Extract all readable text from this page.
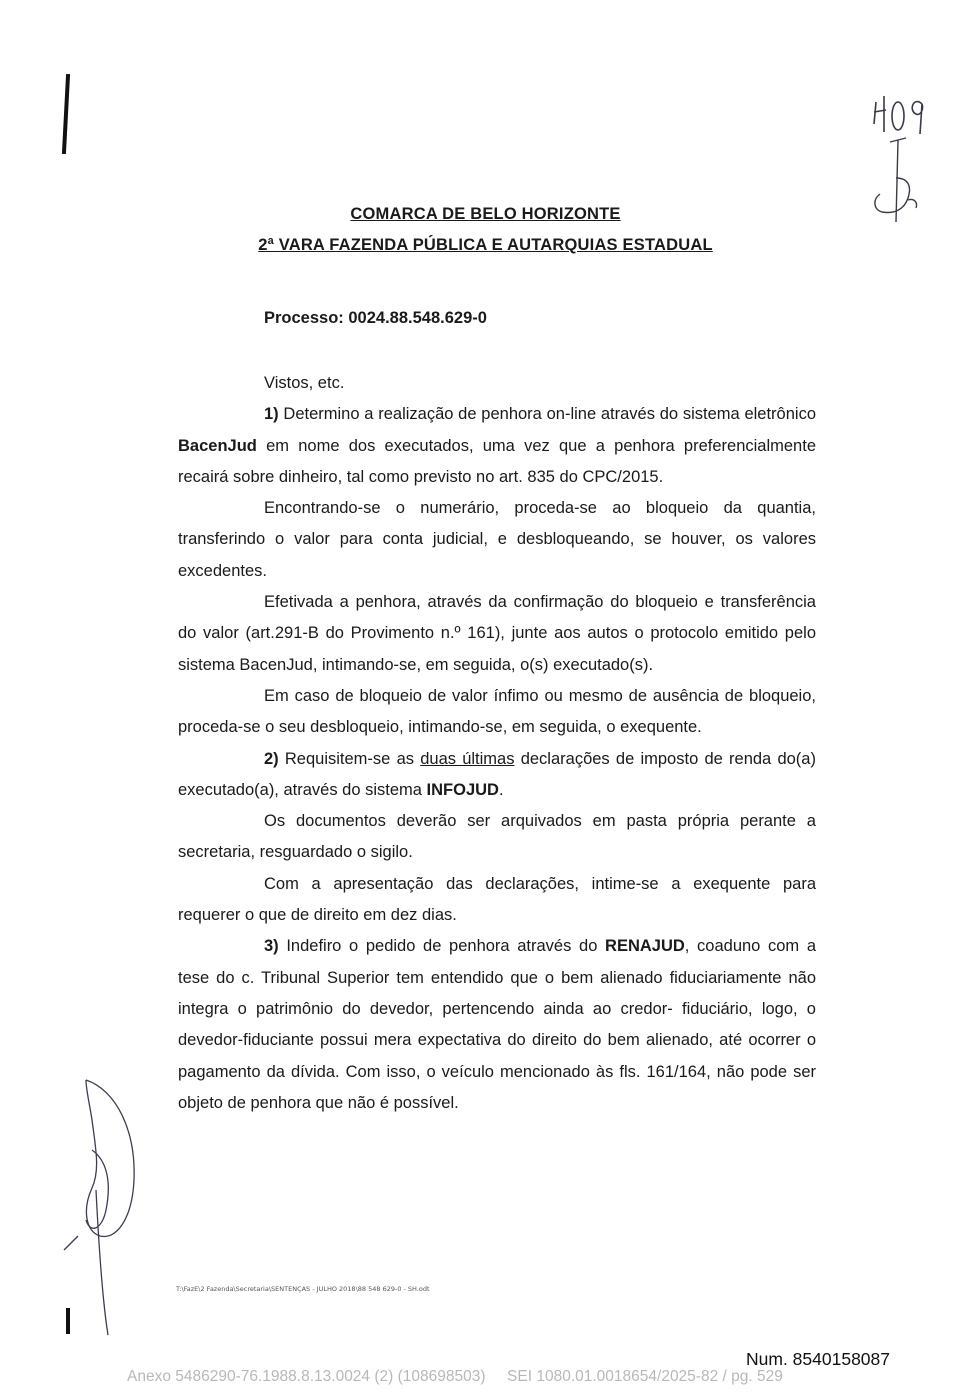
COMARCA DE BELO HORIZONTE
2ª VARA FAZENDA PÚBLICA E AUTARQUIAS ESTADUAL
Processo: 0024.88.548.629-0

Vistos, etc.

1) Determino a realização de penhora on-line através do sistema eletrônico BacenJud em nome dos executados, uma vez que a penhora preferencialmente recairá sobre dinheiro, tal como previsto no art. 835 do CPC/2015.

Encontrando-se o numerário, proceda-se ao bloqueio da quantia, transferindo o valor para conta judicial, e desbloqueando, se houver, os valores excedentes.

Efetivada a penhora, através da confirmação do bloqueio e transferência do valor (art.291-B do Provimento n.º 161), junte aos autos o protocolo emitido pelo sistema BacenJud, intimando-se, em seguida, o(s) executado(s).

Em caso de bloqueio de valor ínfimo ou mesmo de ausência de bloqueio, proceda-se o seu desbloqueio, intimando-se, em seguida, o exequente.

2) Requisitem-se as duas últimas declarações de imposto de renda do(a) executado(a), através do sistema INFOJUD.

Os documentos deverão ser arquivados em pasta própria perante a secretaria, resguardado o sigilo.

Com a apresentação das declarações, intime-se a exequente para requerer o que de direito em dez dias.

3) Indefiro o pedido de penhora através do RENAJUD, coaduno com a tese do c. Tribunal Superior tem entendido que o bem alienado fiduciariamente não integra o patrimônio do devedor, pertencendo ainda ao credor- fiduciário, logo, o devedor-fiduciante possui mera expectativa do direito do bem alienado, até ocorrer o pagamento da dívida. Com isso, o veículo mencionado às fls. 161/164, não pode ser objeto de penhora que não é possível.

T:\FazE\2 Fazenda\Secretaria\SENTENÇAS - JULHO 2018\88 548 629-0 - SH.odt
Num. 8540158087
Anexo 5486290-76.1988.8.13.0024 (2) (108698503)     SEI 1080.01.0018654/2025-82 / pg. 529
